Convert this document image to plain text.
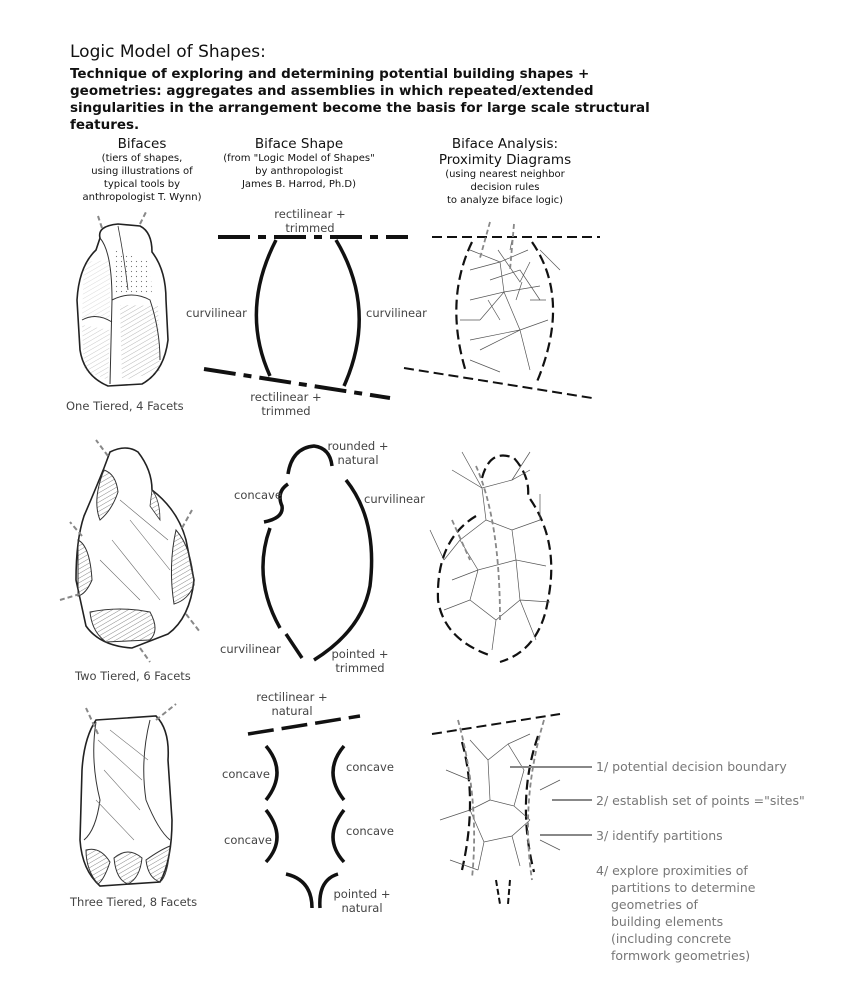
Logic Model of Shapes:
Technique of exploring and determining potential building shapes + geometries: aggregates and assemblies in which repeated/extended singularities in the arrangement become the basis for large scale structural features.
Bifaces
(tiers of shapes,
using illustrations of
typical tools by
anthropologist T. Wynn)
Biface Shape
(from "Logic Model of Shapes"
by anthropologist
James B. Harrod, Ph.D)
Biface Analysis:
Proximity Diagrams
(using nearest neighbor
decision rules
to analyze biface logic)
rectilinear +
trimmed
curvilinear	curvilinear
rectilinear +
trimmed
One Tiered, 4 Facets
rounded +
natural
concave	curvilinear
curvilinear	pointed +
trimmed
Two Tiered, 6 Facets
rectilinear +
natural
concave	concave
concave
concave
pointed +
natural
Three Tiered, 8 Facets
1/ potential decision boundary
2/ establish set of points ="sites"
3/ identify partitions
4/ explore proximities of
partitions to determine
geometries of
building elements
(including concrete
formwork geometries)
